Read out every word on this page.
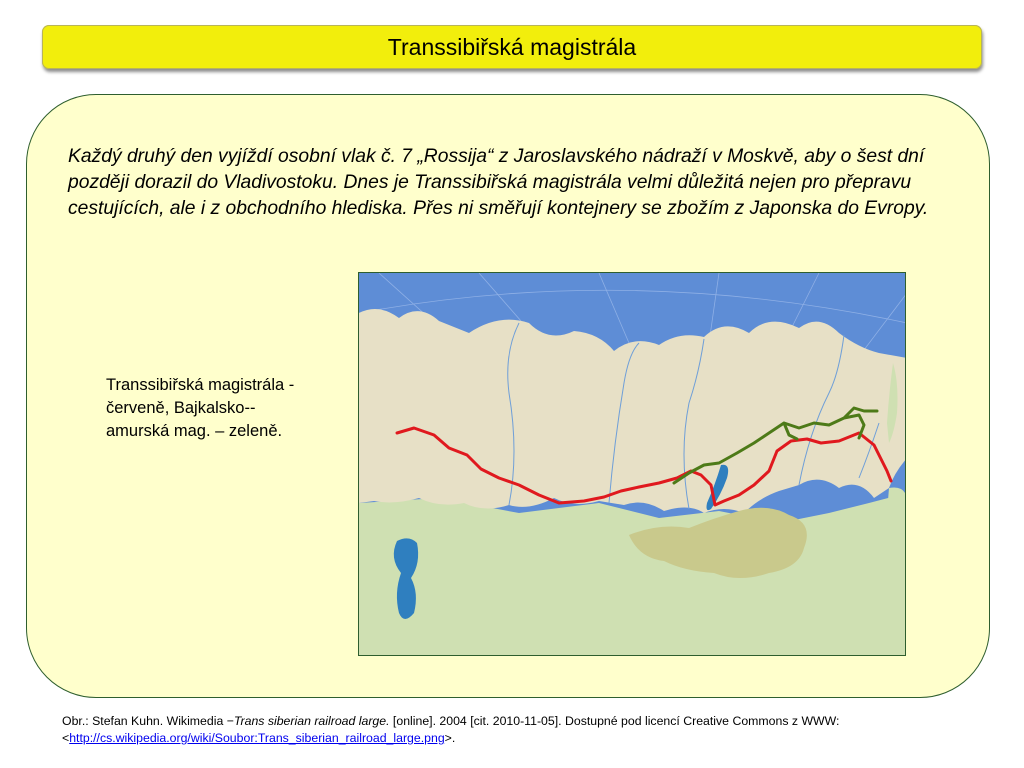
Transsibiřská magistrála

Každý druhý den vyjíždí osobní vlak č. 7 „Rossija“ z Jaroslavského nádraží v Moskvě, aby o šest dní později dorazil do Vladivostoku. Dnes je Transsibiřská magistrála velmi důležitá nejen pro přepravu cestujících, ale i z obchodního hlediska. Přes ni směřují kontejnery se zbožím z Japonska do Evropy.

Transsibiřská magistrála - červeně, Bajkalsko--amurská mag. – zeleně.

Obr.: Stefan Kuhn. Wikimedia −Trans siberian railroad large. [online]. 2004 [cit. 2010-11-05]. Dostupné pod licencí Creative Commons z WWW:
<http://cs.wikipedia.org/wiki/Soubor:Trans_siberian_railroad_large.png>.
